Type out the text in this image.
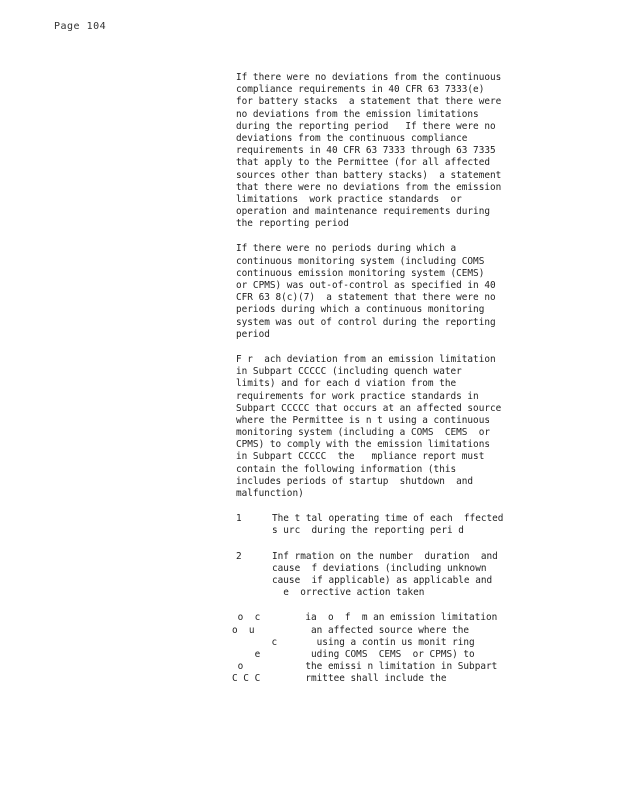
Page 104
If there were no deviations from the continuous
compliance requirements in 40 CFR 63 7333(e)
for battery stacks  a statement that there were
no deviations from the emission limitations
during the reporting period   If there were no
deviations from the continuous compliance
requirements in 40 CFR 63 7333 through 63 7335
that apply to the Permittee (for all affected
sources other than battery stacks)  a statement
that there were no deviations from the emission
limitations  work practice standards  or
operation and maintenance requirements during
the reporting period
If there were no periods during which a
continuous monitoring system (including COMS
continuous emission monitoring system (CEMS)
or CPMS) was out-of-control as specified in 40
CFR 63 8(c)(7)  a statement that there were no
periods during which a continuous monitoring
system was out of control during the reporting
period
F r  ach deviation from an emission limitation
in Subpart CCCCC (including quench water
limits) and for each d viation from the
requirements for work practice standards in
Subpart CCCCC that occurs at an affected source
where the Permittee is n t using a continuous
monitoring system (including a COMS  CEMS  or
CPMS) to comply with the emission limitations
in Subpart CCCCC  the   mpliance report must
contain the following information (this
includes periods of startup  shutdown  and
malfunction)
1	The t tal operating time of each  ffected
s urc  during the reporting peri d
2	Inf rmation on the number  duration  and
cause  f deviations (including unknown
cause  if applicable) as applicable and
e  orrective action taken
o  c        ia  o  f  m an emission limitation
o  u          an affected source where the
c       using a contin us monit ring
e         uding COMS  CEMS  or CPMS) to
o           the emissi n limitation in Subpart
C C C        rmittee shall include the
